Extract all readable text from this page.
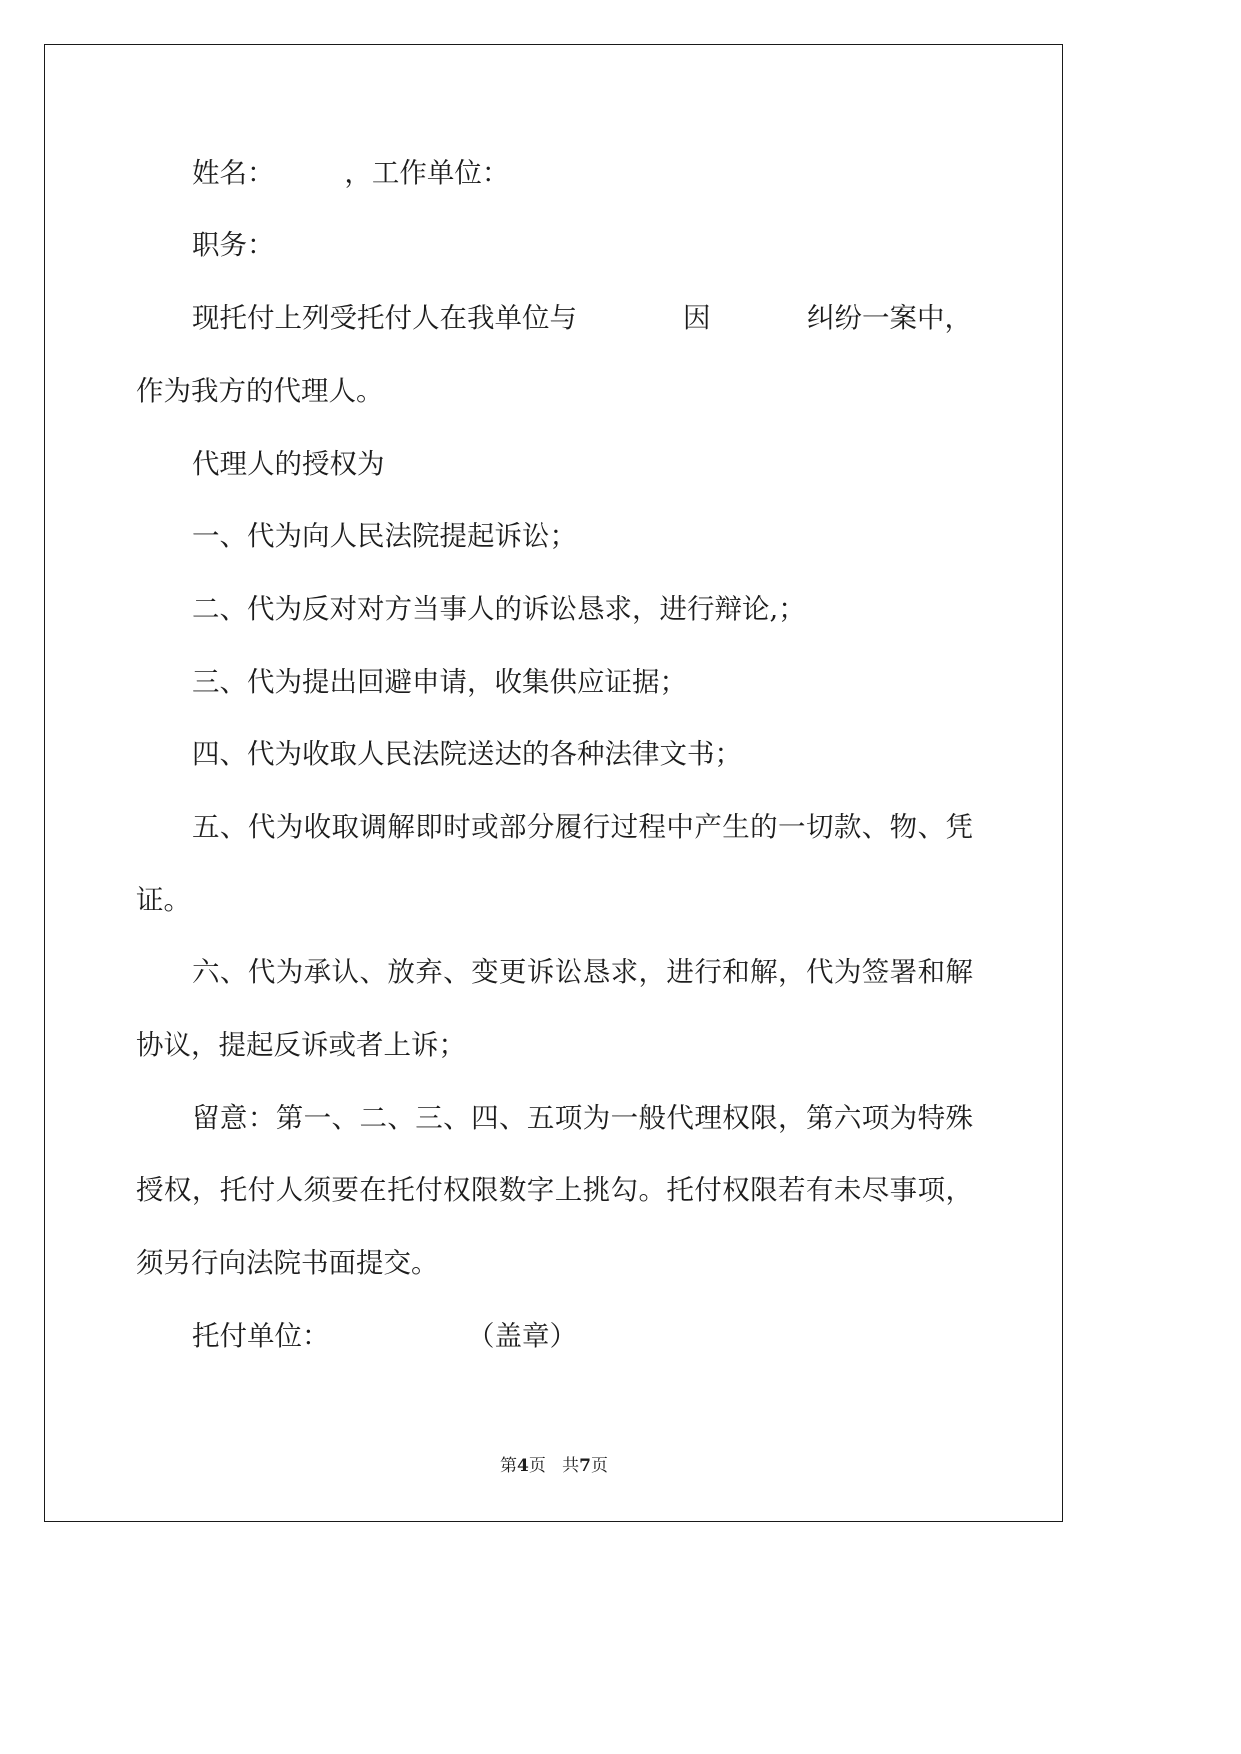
姓名：        ，工作单位：
职务：
现托付上列受托付人在我单位与	因	纠纷一案中，
作为我方的代理人。
代理人的授权为
一、代为向人民法院提起诉讼；
二、代为反对对方当事人的诉讼恳求，进行辩论,；
三、代为提出回避申请，收集供应证据；
四、代为收取人民法院送达的各种法律文书；
五、代为收取调解即时或部分履行过程中产生的一切款、物、凭
证。
六、代为承认、放弃、变更诉讼恳求，进行和解，代为签署和解
协议，提起反诉或者上诉；
留意：第一、二、三、四、五项为一般代理权限，第六项为特殊
授权，托付人须要在托付权限数字上挑勾。托付权限若有未尽事项，
须另行向法院书面提交。
托付单位：	（盖章）
第4页   共7页
